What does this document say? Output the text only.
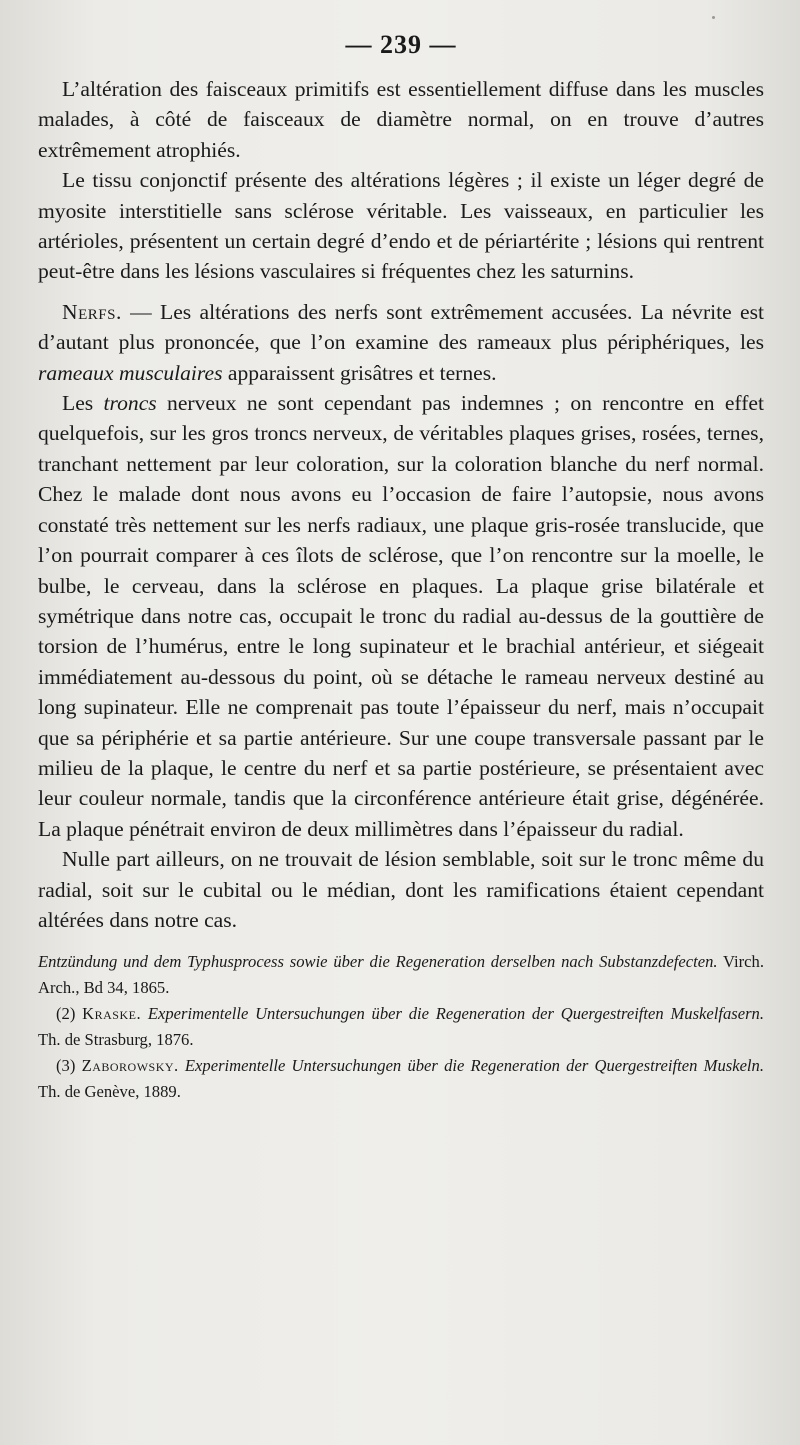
— 239 —

L’altération des faisceaux primitifs est essentiellement diffuse dans les muscles malades, à côté de faisceaux de diamètre normal, on en trouve d’autres extrêmement atrophiés.

Le tissu conjonctif présente des altérations légères ; il existe un léger degré de myosite interstitielle sans sclérose véritable. Les vaisseaux, en particulier les artérioles, présentent un certain degré d’endo et de périartérite ; lésions qui rentrent peut-être dans les lésions vasculaires si fréquentes chez les saturnins.

Nerfs. — Les altérations des nerfs sont extrêmement accusées. La névrite est d’autant plus prononcée, que l’on examine des rameaux plus périphériques, les rameaux musculaires apparaissent grisâtres et ternes.

Les troncs nerveux ne sont cependant pas indemnes ; on rencontre en effet quelquefois, sur les gros troncs nerveux, de véritables plaques grises, rosées, ternes, tranchant nettement par leur coloration, sur la coloration blanche du nerf normal. Chez le malade dont nous avons eu l’occasion de faire l’autopsie, nous avons constaté très nettement sur les nerfs radiaux, une plaque gris-rosée translucide, que l’on pourrait comparer à ces îlots de sclérose, que l’on rencontre sur la moelle, le bulbe, le cerveau, dans la sclérose en plaques. La plaque grise bilatérale et symétrique dans notre cas, occupait le tronc du radial au-dessus de la gouttière de torsion de l’humérus, entre le long supinateur et le brachial antérieur, et siégeait immédiatement au-dessous du point, où se détache le rameau nerveux destiné au long supinateur. Elle ne comprenait pas toute l’épaisseur du nerf, mais n’occupait que sa périphérie et sa partie antérieure. Sur une coupe transversale passant par le milieu de la plaque, le centre du nerf et sa partie postérieure, se présentaient avec leur couleur normale, tandis que la circonférence antérieure était grise, dégénérée. La plaque pénétrait environ de deux millimètres dans l’épaisseur du radial.

Nulle part ailleurs, on ne trouvait de lésion semblable, soit sur le tronc même du radial, soit sur le cubital ou le médian, dont les ramifications étaient cependant altérées dans notre cas.

Entzündung und dem Typhusprocess sowie über die Regeneration derselben nach Substanzdefecten. Virch. Arch., Bd 34, 1865.

(2) Kraske. Experimentelle Untersuchungen über die Regeneration der Quergestreiften Muskelfasern. Th. de Strasburg, 1876.

(3) Zaborowsky. Experimentelle Untersuchungen über die Regeneration der Quergestreiften Muskeln. Th. de Genève, 1889.
